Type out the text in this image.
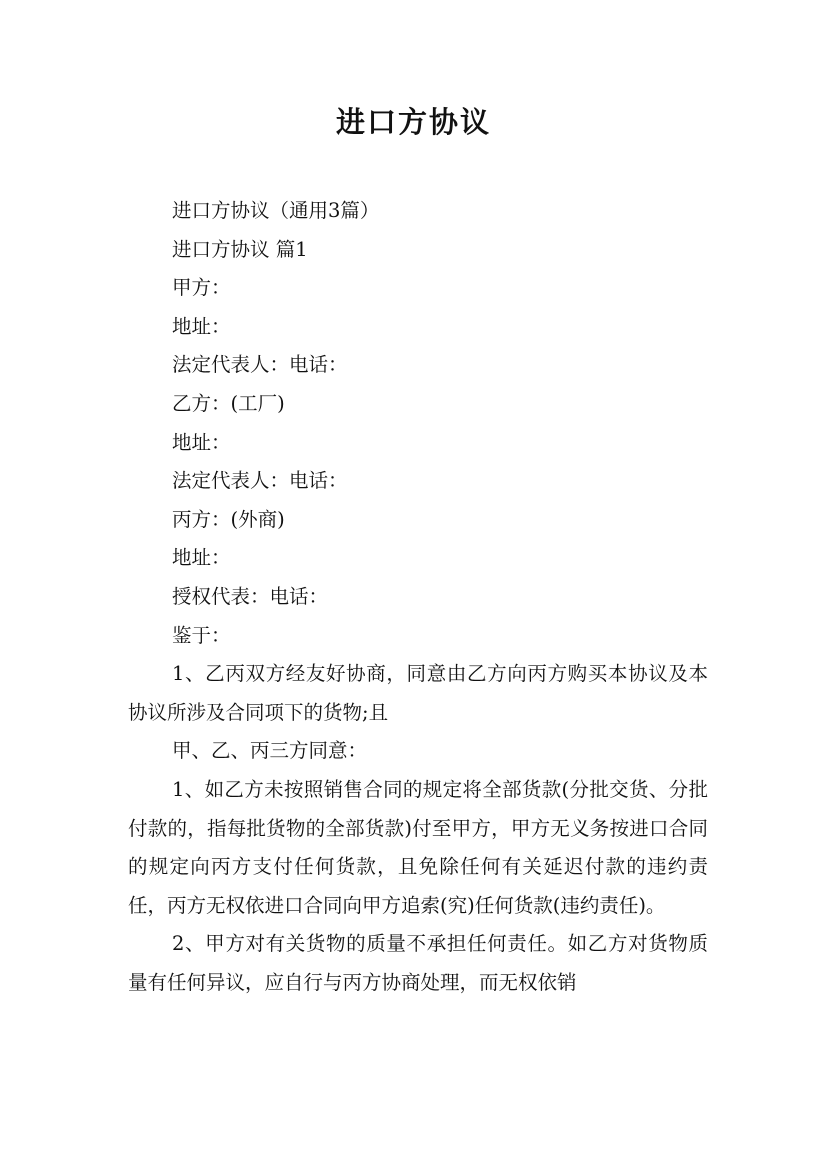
进口方协议

进口方协议（通用3篇）

进口方协议 篇1

甲方：

地址：

法定代表人：电话：

乙方：(工厂)

地址：

法定代表人：电话：

丙方：(外商)

地址：

授权代表：电话：

鉴于：

1、乙丙双方经友好协商，同意由乙方向丙方购买本协议及本协议所涉及合同项下的货物;且

甲、乙、丙三方同意：

1、如乙方未按照销售合同的规定将全部货款(分批交货、分批付款的，指每批货物的全部货款)付至甲方，甲方无义务按进口合同的规定向丙方支付任何货款，且免除任何有关延迟付款的违约责任，丙方无权依进口合同向甲方追索(究)任何货款(违约责任)。

2、甲方对有关货物的质量不承担任何责任。如乙方对货物质量有任何异议，应自行与丙方协商处理，而无权依销
